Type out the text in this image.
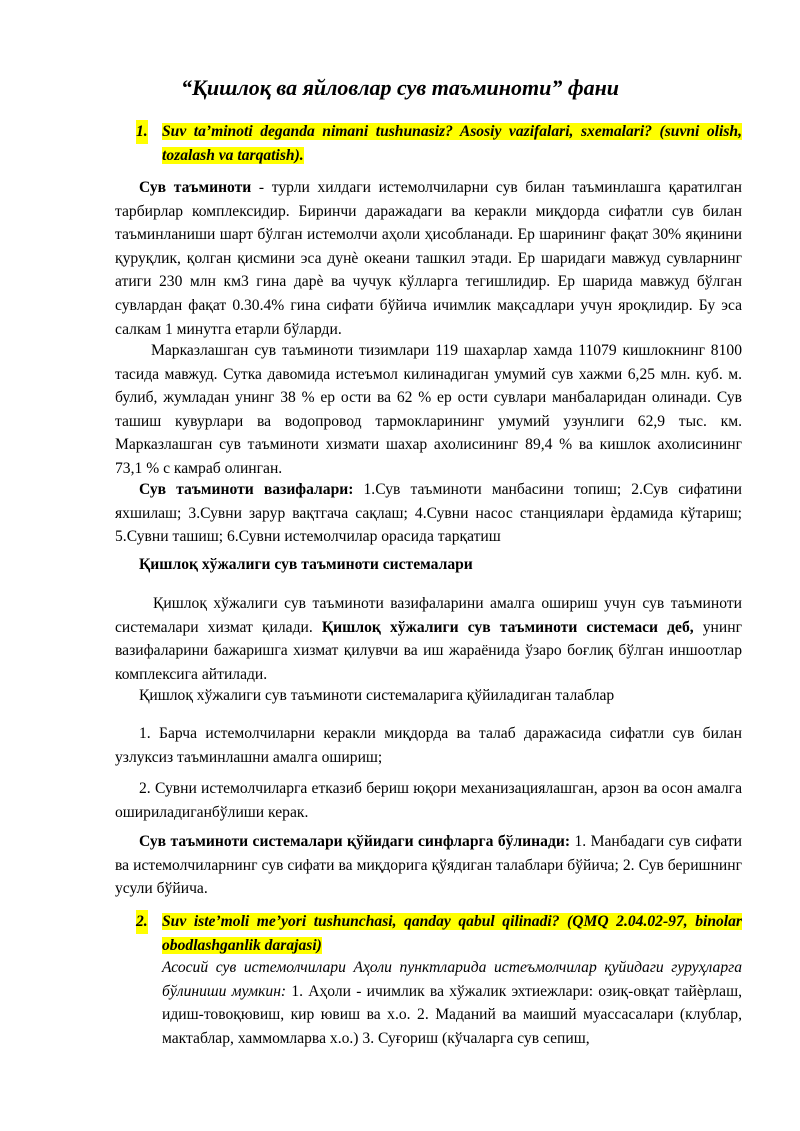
“Қишлоқ ва яйловлар сув таъминоти” фани
1. Suv ta’minoti deganda nimani tushunasiz? Asosiy vazifalari, sxemalari? (suvni olish, tozalash va tarqatish).

Сув таъминоти - турли хилдаги истемолчиларни сув билан таъминлашга қаратилган тарбирлар комплексидир. Биринчи даражадаги ва керакли миқдорда сифатли сув билан таъминланиши шарт бўлган истемолчи аҳоли ҳисобланади. Ер шарининг фақат 30% яқинини қуруқлик, қолган қисмини эса дунѐ океани ташкил этади. Ер шаридаги мавжуд сувларнинг атиги 230 млн км3 гина дарѐ ва чучук кўлларга тегишлидир. Ер шарида мавжуд бўлган сувлардан фақат 0.30.4% гина сифати бўйича ичимлик мақсадлари учун яроқлидир. Бу эса салкам 1 минутга етарли бўларди.

Марказлашган сув таъминоти тизимлари 119 шахарлар хамда 11079 кишлокнинг 8100 тасида мавжуд. Сутка давомида истеъмол килинадиган умумий сув хажми 6,25 млн. куб. м. булиб, жумладан унинг 38 % ер ости ва 62 % ер ости сувлари манбаларидан олинади. Сув ташиш кувурлари ва водопровод тармокларининг умумий узунлиги 62,9 тыс. км. Марказлашган сув таъминоти хизмати шахар ахолисининг 89,4 % ва кишлок ахолисининг 73,1 % с камраб олинган.

Сув таъминоти вазифалари: 1.Сув таъминоти манбасини топиш; 2.Сув сифатини яхшилаш; 3.Сувни зарур вақтгача сақлаш; 4.Сувни насос станциялари ѐрдамида кўтариш; 5.Сувни ташиш; 6.Сувни истемолчилар орасида тарқатиш

Қишлоқ хўжалиги сув таъминоти системалари

Қишлоқ хўжалиги сув таъминоти вазифаларини амалга ошириш учун сув таъминоти системалари хизмат қилади. Қишлоқ хўжалиги сув таъминоти системаси деб, унинг вазифаларини бажаришга хизмат қилувчи ва иш жараёнида ўзаро боғлиқ бўлган иншоотлар комплексига айтилади.

Қишлоқ хўжалиги сув таъминоти системаларига қўйиладиган талаблар

1. Барча истемолчиларни керакли миқдорда ва талаб даражасида сифатли сув билан узлуксиз таъминлашни амалга ошириш;

2. Сувни истемолчиларга етказиб бериш юқори механизациялашган, арзон ва осон амалга ошириладиганбўлиши керак.

Сув таъминоти системалари қўйидаги синфларга бўлинади: 1. Манбадаги сув сифати ва истемолчиларнинг сув сифати ва миқдорига қўядиган талаблари бўйича; 2. Сув беришнинг усули бўйича.

2. Suv iste’moli me’yori tushunchasi, qanday qabul qilinadi? (QMQ 2.04.02-97, binolar obodlashganlik darajasi)

Асосий сув истемолчилари Аҳоли пунктларида истеъмолчилар қуйидаги гуруҳларга бўлиниши мумкин: 1. Аҳоли - ичимлик ва хўжалик эхтиежлари: озиқ-овқат тайѐрлаш, идиш-товоқювиш, кир ювиш ва х.о. 2. Маданий ва маиший муассасалари (клублар, мактаблар, хаммомларва х.о.) 3. Суғориш (кўчаларга сув сепиш,
